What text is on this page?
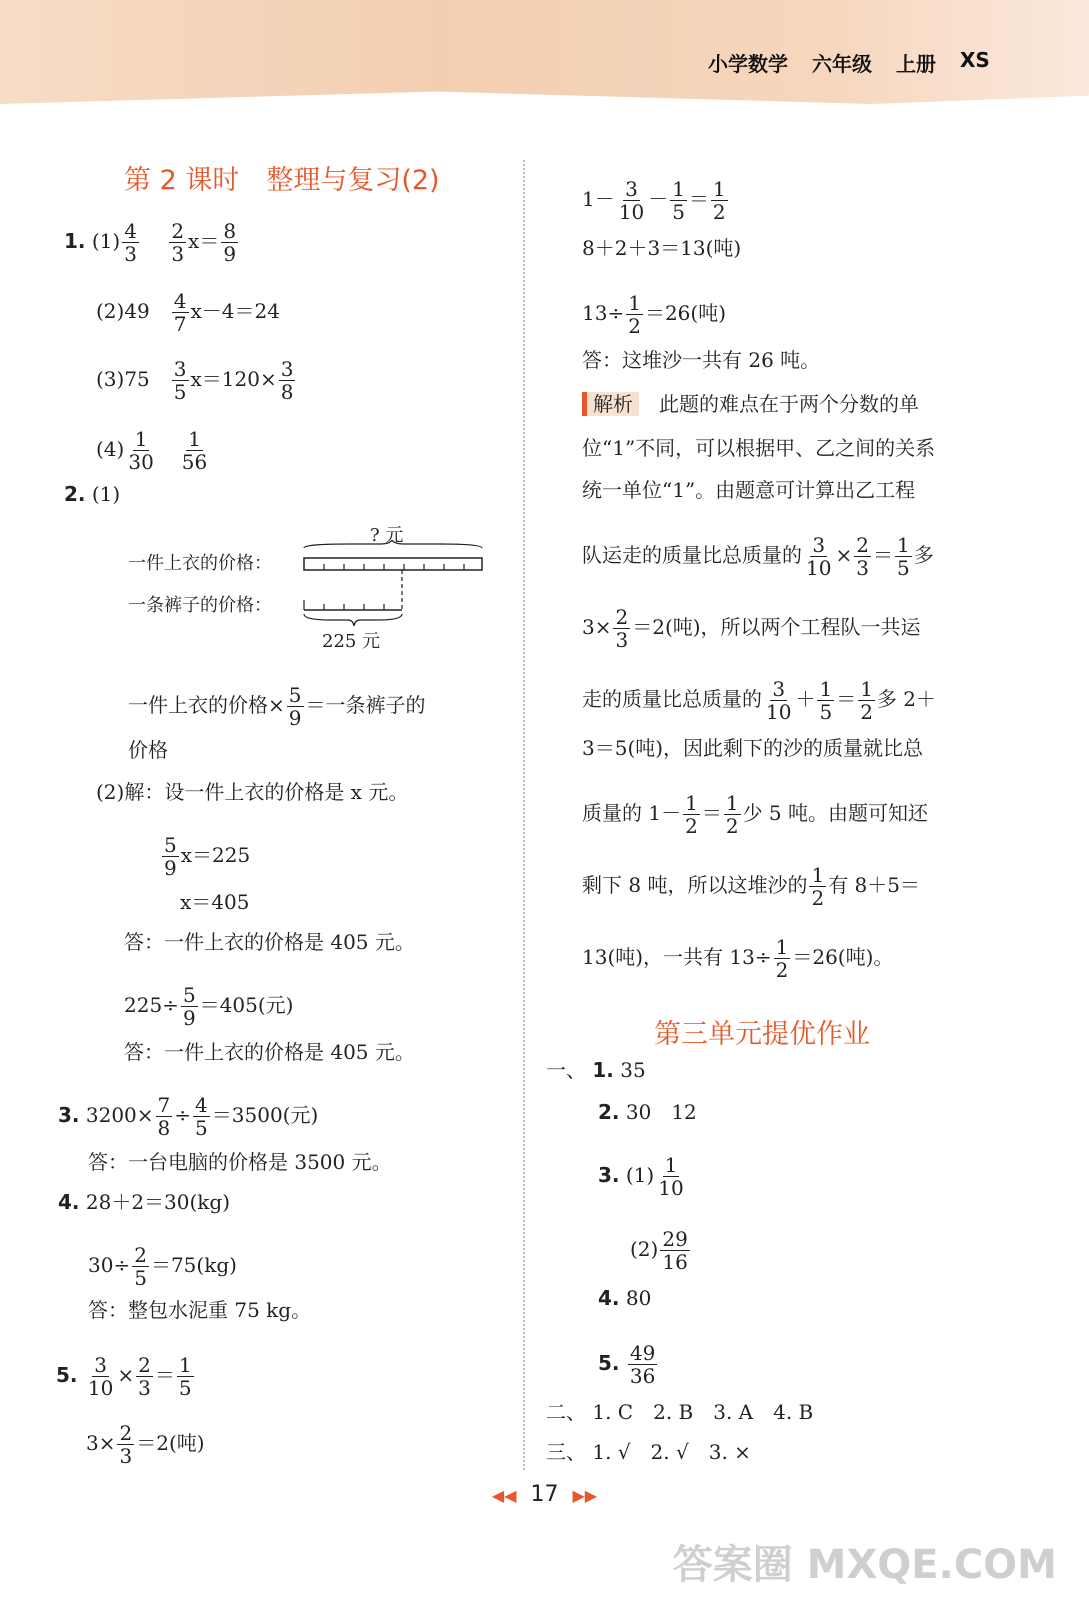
小学数学 六年级 上册 XS
第 2 课时　整理与复习(2)
1. $(1) \frac{4}{3}$
　 $\frac{2}{3} x= \frac{8}{9}$
(2)49　 $\frac{4}{7} x-4=24$
(3)75　 $\frac{3}{5} x=120\times \frac{3}{8}$
$(4) \frac{1}{30}$
　 $\frac{1}{56}$
2. (1)
? 元
一件上衣的价格：
一条裤子的价格：
225 元
一件上衣的价格× $\frac{5}{9}$ ＝一条裤子的
价格
(2)解：设一件上衣的价格是 x 元。
$\frac{5}{9} x=225$
x＝405
答：一件上衣的价格是 405 元。
$225\div \frac{5}{9} =405$(元)
答：一件上衣的价格是 405 元。
3. $3200\times \frac{7}{8} \div \frac{4}{5} =3500$(元)
答：一台电脑的价格是 3500 元。
4. 28＋2＝30(kg)
$30\div \frac{2}{5} =75(kg)$
答：整包水泥重 75 kg。
5. $\frac{3}{10} \times \frac{2}{3} = \frac{1}{5}$
$3\times \frac{2}{3} =2$(吨)
$1- \frac{3}{10} - \frac{1}{5} = \frac{1}{2}$
8＋2＋3＝13(吨)
$13\div \frac{1}{2} =26$(吨)
答：这堆沙一共有 26 吨。
解析　 此题的难点在于两个分数的单
位“1”不同，可以根据甲、乙之间的关系
统一单位“1”。由题意可计算出乙工程
队运走的质量比总质量的 $\frac{3}{10} \times \frac{2}{3} = \frac{1}{5}$ 多
$3\times \frac{2}{3} =2$(吨)，所以两个工程队一共运
走的质量比总质量的 $\frac{3}{10} + \frac{1}{5} = \frac{1}{2}$ 多 2＋
3＝5(吨)，因此剩下的沙的质量就比总
质量的 $1- \frac{1}{2} = \frac{1}{2}$ 少 5 吨。由题可知还
剩下 8 吨，所以这堆沙的 $\frac{1}{2}$ 有 8＋5＝
13(吨)，一共有 $13\div \frac{1}{2} =26$(吨)。
第三单元提优作业
一、 1. 35
2. 30　12
3. $(1) \frac{1}{10}$
$(2) \frac{29}{16}$
4. 80
5. $\frac{49}{36}$
二、 1. C　2. B　3. A　4. B
三、 1. √　2. √　3. ×
◀◀ 17 ▶▶
答案圈 MXQE.COM
